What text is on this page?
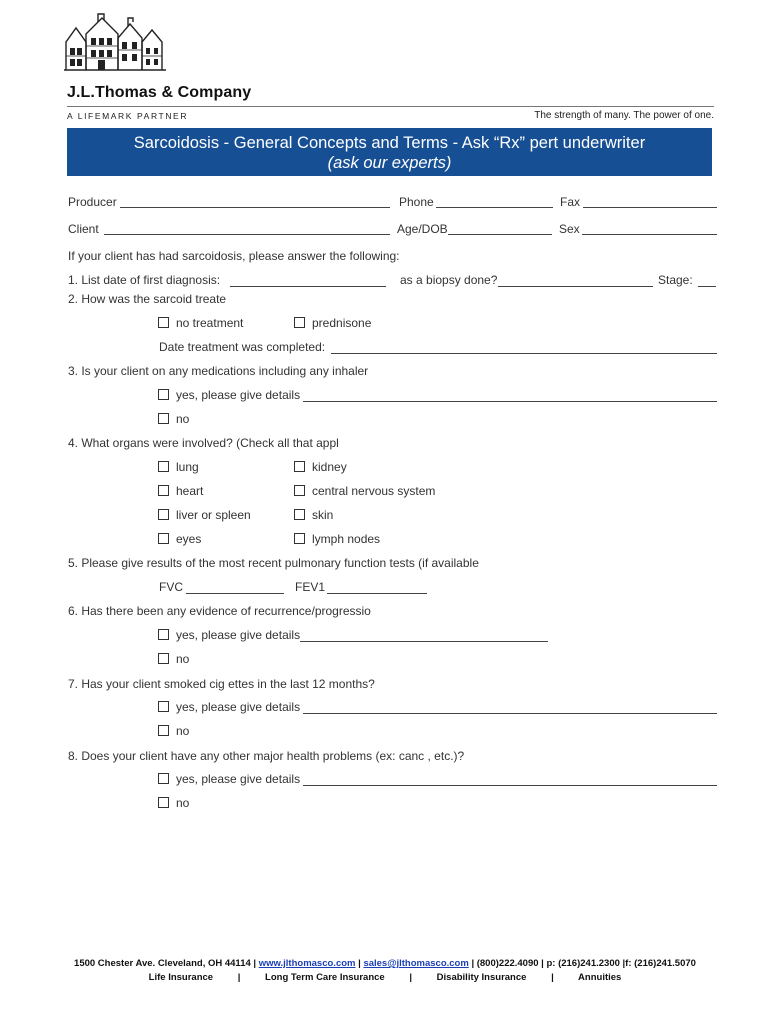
J.L.Thomas & Company
A LIFEMARK PARTNER	The strength of many. The power of one.
Sarcoidosis - General Concepts and Terms - Ask “Rx” pert underwriter
(ask our experts)
Producer	Phone	Fax
Client	Age/DOB	Sex
If your client has had sarcoidosis, please answer the following:
1. List date of first diagnosis:	as a biopsy done?	Stage:
2. How was the sarcoid treate
no treatment	prednisone
Date treatment was completed:
3. Is your client on any medications including any inhaler
yes, please give details
no
4. What organs were involved? (Check all that appl
lung	kidney
heart	central nervous system
liver or spleen	skin
eyes	lymph nodes
5. Please give results of the most recent pulmonary function tests (if available
FVC	FEV1
6. Has there been any evidence of recurrence/progressio
yes, please give details
no
7. Has your client smoked cig ettes in the last 12 months?
yes, please give details
no
8. Does your client have any other major health problems (ex: canc , etc.)?
yes, please give details
no
1500 Chester Ave. Cleveland, OH 44114 | www.jlthomasco.com | sales@jlthomasco.com | (800)222.4090 | p: (216)241.2300 |f: (216)241.5070
Life Insurance	|	Long Term Care Insurance	|	Disability Insurance	|	Annuities
